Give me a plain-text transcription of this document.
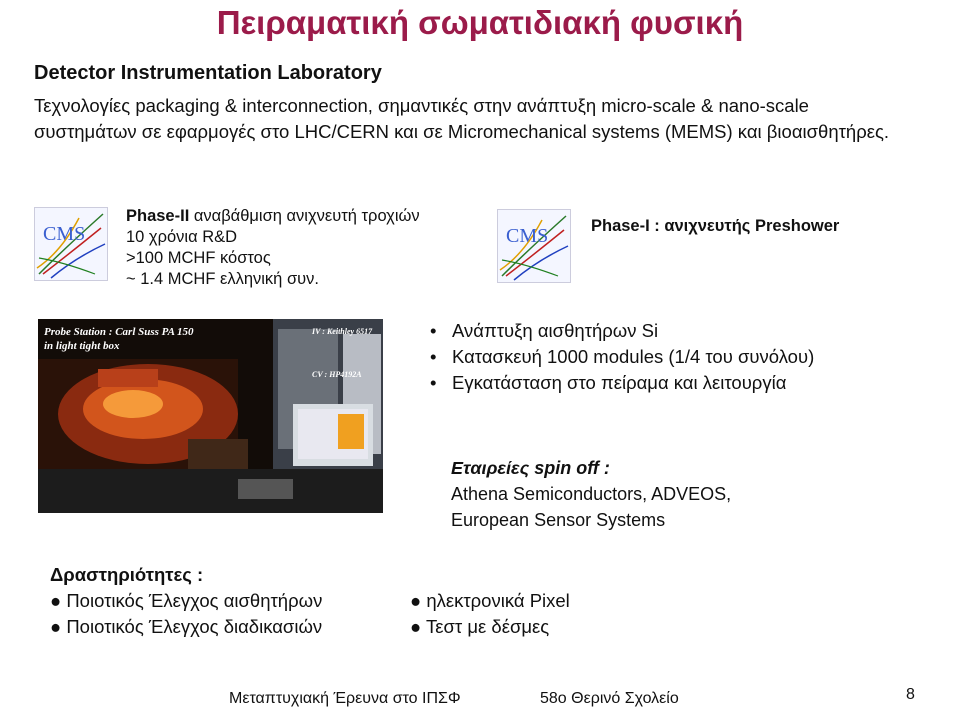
Πειραματική σωματιδιακή φυσική
Detector Instrumentation Laboratory
Τεχνολογίες packaging & interconnection, σημαντικές στην ανάπτυξη micro-scale & nano-scale συστημάτων σε εφαρμογές στο LHC/CERN και σε Micromechanical systems (MEMS) και βιοαισθητήρες.
CMS
Phase-II αναβάθμιση ανιχνευτή τροχιών
10 χρόνια R&D
>100 MCHF κόστος
~ 1.4 MCHF ελληνική συν.
CMS	Phase-I : ανιχνευτής Preshower
Probe Station : Carl Suss PA 150
in light tight box
IV : Keithley 6517
CV : HP4192A
• Ανάπτυξη αισθητήρων Si
• Κατασκευή 1000 modules (1/4 του συνόλου)
• Εγκατάσταση στο πείραμα και λειτουργία
Εταιρείες spin off :
Athena Semiconductors, ADVEOS,
European Sensor Systems
Δραστηριότητες :
● Ποιοτικός Έλεγχος αισθητήρων	● ηλεκτρονικά Pixel
● Ποιοτικός Έλεγχος διαδικασιών	● Τεστ με δέσμες
Μεταπτυχιακή Έρευνα στο ΙΠΣΦ	58ο Θερινό Σχολείο	8
